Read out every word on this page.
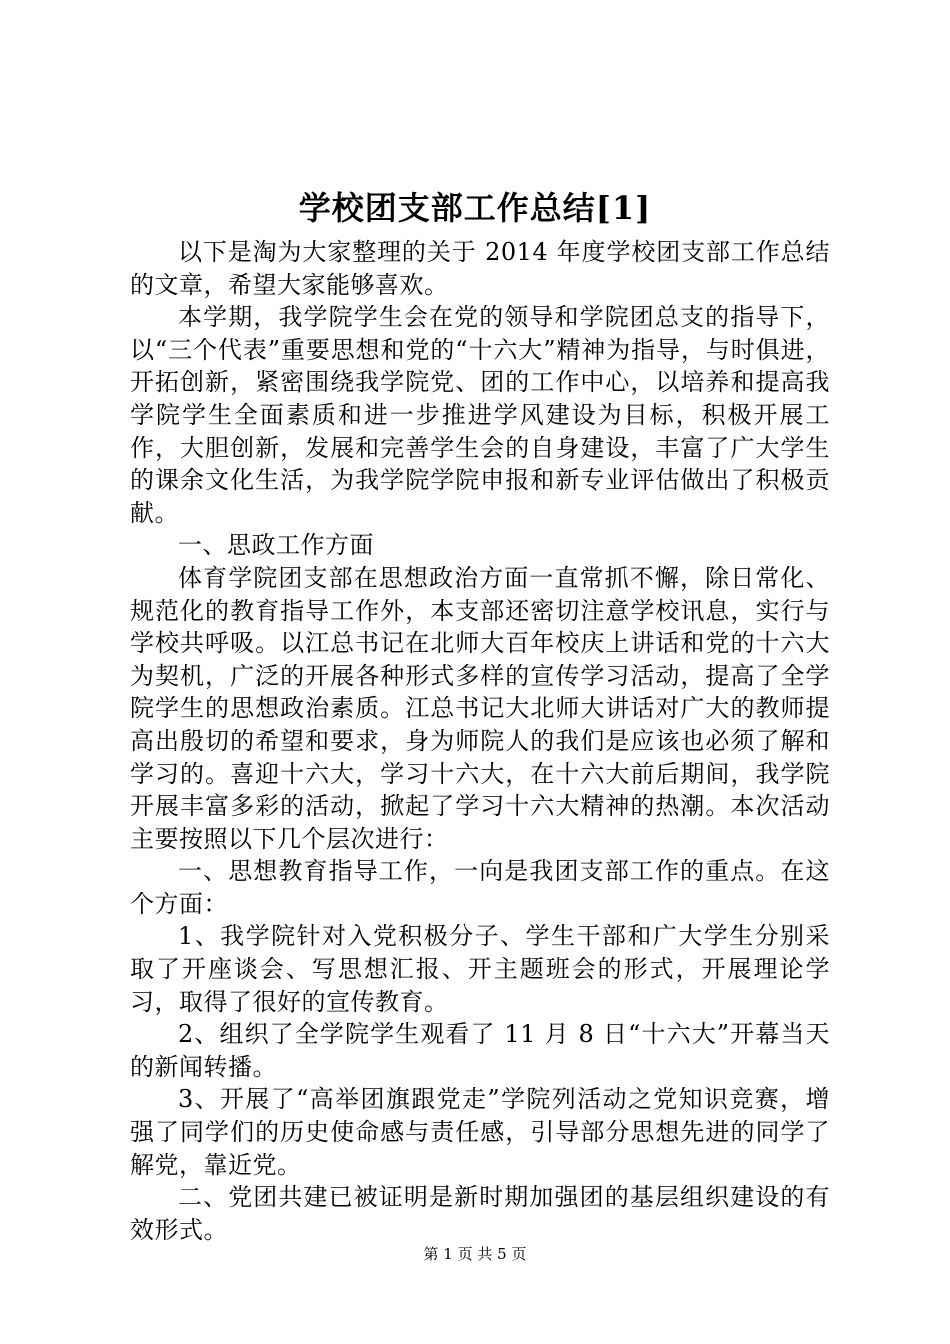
学校团支部工作总结[1]

以下是淘为大家整理的关于 2014 年度学校团支部工作总结的文章，希望大家能够喜欢。

本学期，我学院学生会在党的领导和学院团总支的指导下，以“三个代表”重要思想和党的“十六大”精神为指导，与时俱进，开拓创新，紧密围绕我学院党、团的工作中心，以培养和提高我学院学生全面素质和进一步推进学风建设为目标，积极开展工作，大胆创新，发展和完善学生会的自身建设，丰富了广大学生的课余文化生活，为我学院学院申报和新专业评估做出了积极贡献。

一、思政工作方面

体育学院团支部在思想政治方面一直常抓不懈，除日常化、规范化的教育指导工作外，本支部还密切注意学校讯息，实行与学校共呼吸。以江总书记在北师大百年校庆上讲话和党的十六大为契机，广泛的开展各种形式多样的宣传学习活动，提高了全学院学生的思想政治素质。江总书记大北师大讲话对广大的教师提高出殷切的希望和要求，身为师院人的我们是应该也必须了解和学习的。喜迎十六大，学习十六大，在十六大前后期间，我学院开展丰富多彩的活动，掀起了学习十六大精神的热潮。本次活动主要按照以下几个层次进行：

一、思想教育指导工作，一向是我团支部工作的重点。在这个方面：

1、我学院针对入党积极分子、学生干部和广大学生分别采取了开座谈会、写思想汇报、开主题班会的形式，开展理论学习，取得了很好的宣传教育。

2、组织了全学院学生观看了 11 月 8 日“十六大”开幕当天的新闻转播。

3、开展了“高举团旗跟党走”学院列活动之党知识竞赛，增强了同学们的历史使命感与责任感，引导部分思想先进的同学了解党，靠近党。

二、党团共建已被证明是新时期加强团的基层组织建设的有效形式。

第 1 页 共 5 页
